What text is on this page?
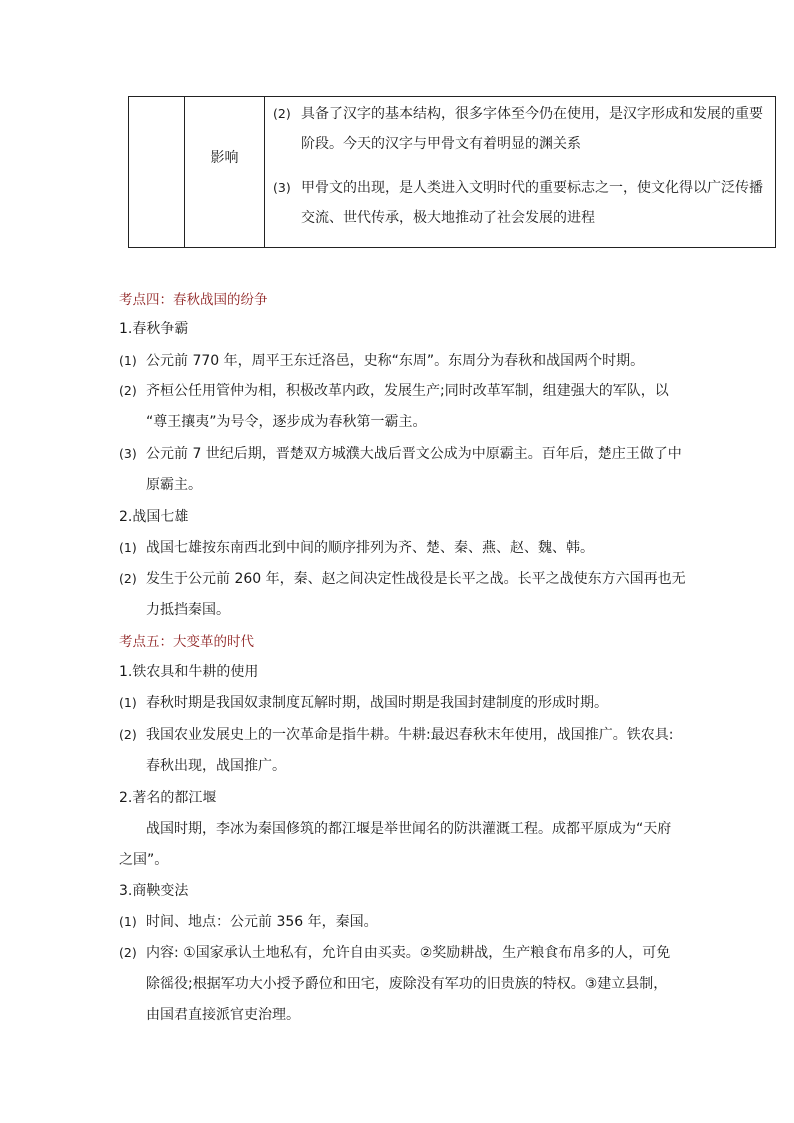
影响
(2) 具备了汉字的基本结构，很多字体至今仍在使用，是汉字形成和发展的重要
阶段。今天的汉字与甲骨文有着明显的渊关系
(3) 甲骨文的出现，是人类进入文明时代的重要标志之一，使文化得以广泛传播
交流、世代传承，极大地推动了社会发展的进程
考点四：春秋战国的纷争
1.春秋争霸
(1) 公元前 770 年，周平王东迁洛邑，史称“东周”。东周分为春秋和战国两个时期。
(2) 齐桓公任用管仲为相，积极改革内政，发展生产;同时改革军制，组建强大的军队，以
“尊王攘夷”为号令，逐步成为春秋第一霸主。
(3) 公元前 7 世纪后期，晋楚双方城濮大战后晋文公成为中原霸主。百年后，楚庄王做了中
原霸主。
2.战国七雄
(1) 战国七雄按东南西北到中间的顺序排列为齐、楚、秦、燕、赵、魏、韩。
(2) 发生于公元前 260 年，秦、赵之间决定性战役是长平之战。长平之战使东方六国再也无
力抵挡秦国。
考点五：大变革的时代
1.铁农具和牛耕的使用
(1) 春秋时期是我国奴隶制度瓦解时期，战国时期是我国封建制度的形成时期。
(2) 我国农业发展史上的一次革命是指牛耕。牛耕:最迟春秋末年使用，战国推广。铁农具:
春秋出现，战国推广。
2.著名的都江堰
战国时期，李冰为秦国修筑的都江堰是举世闻名的防洪灌溉工程。成都平原成为“天府
之国”。
3.商鞅变法
(1) 时间、地点：公元前 356 年，秦国。
(2) 内容: ①国家承认土地私有，允许自由买卖。②奖励耕战，生产粮食布帛多的人，可免
除徭役;根据军功大小授予爵位和田宅，废除没有军功的旧贵族的特权。③建立县制，
由国君直接派官吏治理。
